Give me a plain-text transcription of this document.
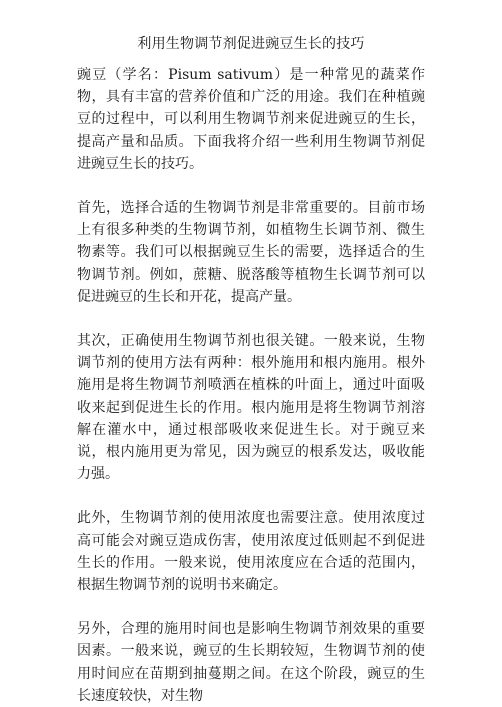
利用生物调节剂促进豌豆生长的技巧

豌豆（学名：Pisum sativum）是一种常见的蔬菜作物，具有丰富的营养价值和广泛的用途。我们在种植豌豆的过程中，可以利用生物调节剂来促进豌豆的生长，提高产量和品质。下面我将介绍一些利用生物调节剂促进豌豆生长的技巧。

首先，选择合适的生物调节剂是非常重要的。目前市场上有很多种类的生物调节剂，如植物生长调节剂、微生物素等。我们可以根据豌豆生长的需要，选择适合的生物调节剂。例如，蔗糖、脱落酸等植物生长调节剂可以促进豌豆的生长和开花，提高产量。

其次，正确使用生物调节剂也很关键。一般来说，生物调节剂的使用方法有两种：根外施用和根内施用。根外施用是将生物调节剂喷洒在植株的叶面上，通过叶面吸收来起到促进生长的作用。根内施用是将生物调节剂溶解在灌水中，通过根部吸收来促进生长。对于豌豆来说，根内施用更为常见，因为豌豆的根系发达，吸收能力强。

此外，生物调节剂的使用浓度也需要注意。使用浓度过高可能会对豌豆造成伤害，使用浓度过低则起不到促进生长的作用。一般来说，使用浓度应在合适的范围内，根据生物调节剂的说明书来确定。

另外，合理的施用时间也是影响生物调节剂效果的重要因素。一般来说，豌豆的生长期较短，生物调节剂的使用时间应在苗期到抽蔓期之间。在这个阶段，豌豆的生长速度较快，对生物
